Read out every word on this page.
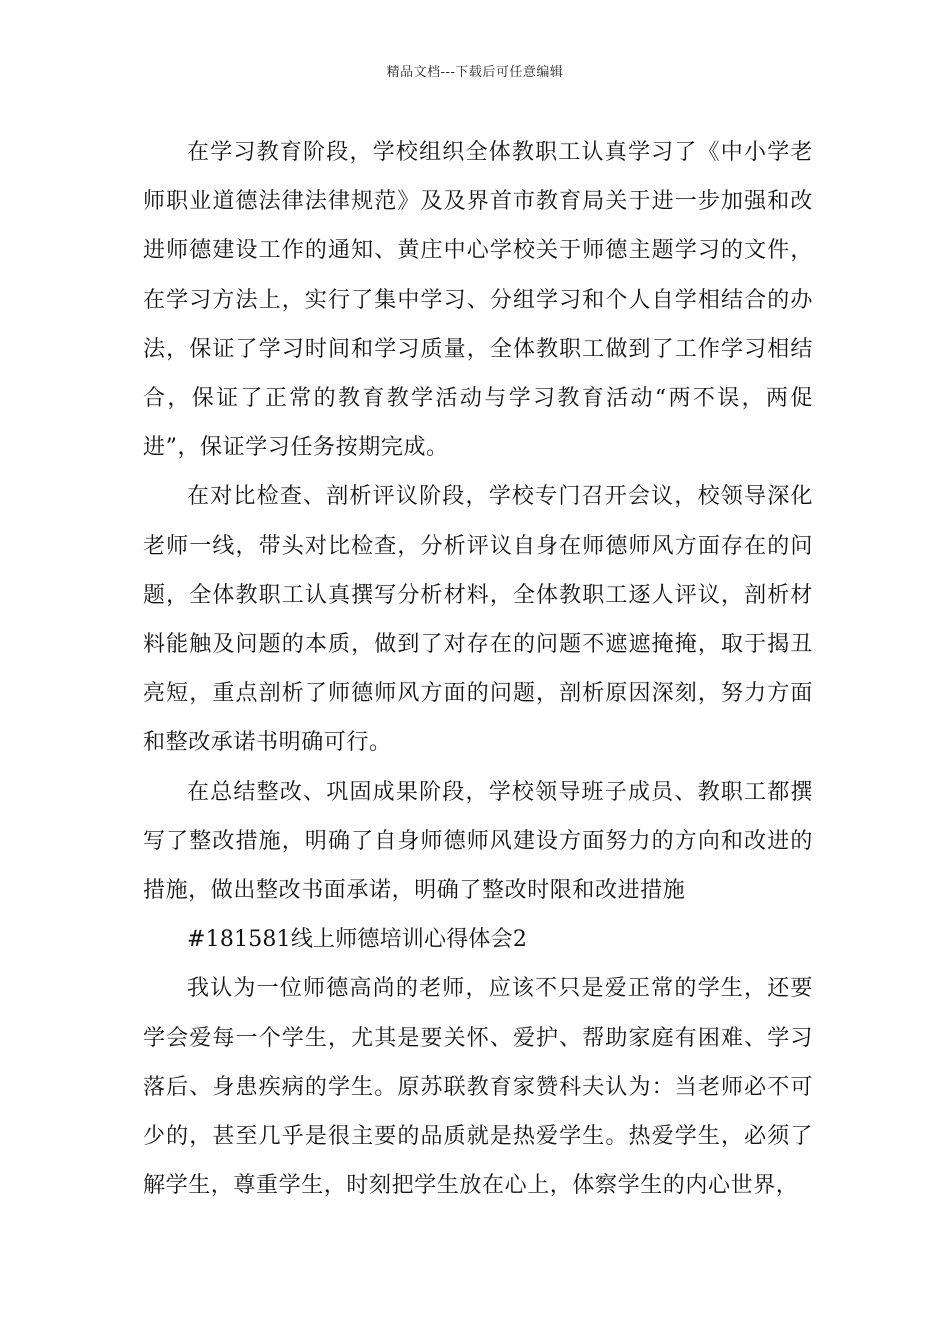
精品文档---下载后可任意编辑

在学习教育阶段，学校组织全体教职工认真学习了《中小学老师职业道德法律法律规范》及及界首市教育局关于进一步加强和改进师德建设工作的通知、黄庄中心学校关于师德主题学习的文件，在学习方法上，实行了集中学习、分组学习和个人自学相结合的办法，保证了学习时间和学习质量，全体教职工做到了工作学习相结合，保证了正常的教育教学活动与学习教育活动“两不误，两促进”，保证学习任务按期完成。

在对比检查、剖析评议阶段，学校专门召开会议，校领导深化老师一线，带头对比检查，分析评议自身在师德师风方面存在的问题，全体教职工认真撰写分析材料，全体教职工逐人评议，剖析材料能触及问题的本质，做到了对存在的问题不遮遮掩掩，取于揭丑亮短，重点剖析了师德师风方面的问题，剖析原因深刻，努力方面和整改承诺书明确可行。

在总结整改、巩固成果阶段，学校领导班子成员、教职工都撰写了整改措施，明确了自身师德师风建设方面努力的方向和改进的措施，做出整改书面承诺，明确了整改时限和改进措施

#181581线上师德培训心得体会2

我认为一位师德高尚的老师，应该不只是爱正常的学生，还要学会爱每一个学生，尤其是要关怀、爱护、帮助家庭有困难、学习落后、身患疾病的学生。原苏联教育家赞科夫认为：当老师必不可少的，甚至几乎是很主要的品质就是热爱学生。热爱学生，必须了解学生，尊重学生，时刻把学生放在心上，体察学生的内心世界，
